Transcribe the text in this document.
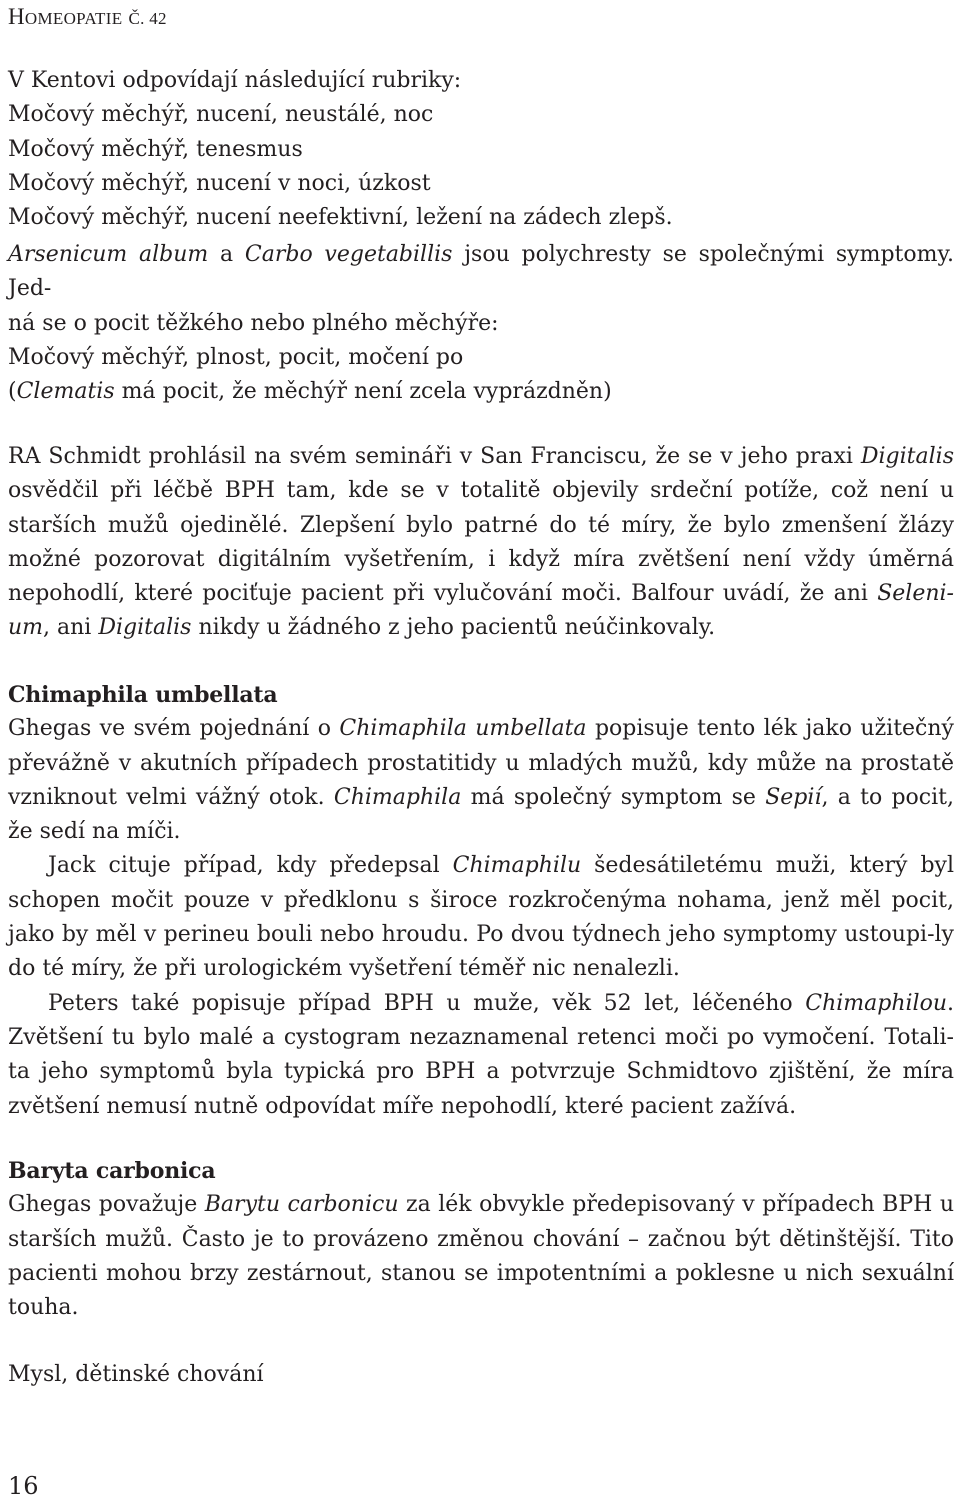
HOMEOPATIE Č. 42

V Kentovi odpovídají následující rubriky:

Močový měchýř, nucení, neustálé, noc

Močový měchýř, tenesmus

Močový měchýř, nucení v noci, úzkost

Močový měchýř, nucení neefektivní, ležení na zádech zlepš.

Arsenicum album a Carbo vegetabillis jsou polychresty se společnými symptomy. Jed-

ná se o pocit těžkého nebo plného měchýře:

Močový měchýř, plnost, pocit, močení po

(Clematis má pocit, že měchýř není zcela vyprázdněn)

RA Schmidt prohlásil na svém semináři v San Franciscu, že se v jeho praxi Digitalis osvědčil při léčbě BPH tam, kde se v totalitě objevily srdeční potíže, což není u starších mužů ojedinělé. Zlepšení bylo patrné do té míry, že bylo zmenšení žlázy možné pozorovat digitálním vyšetřením, i když míra zvětšení není vždy úměrná nepohodlí, které pociťuje pacient při vylučování moči. Balfour uvádí, že ani Seleni-um, ani Digitalis nikdy u žádného z jeho pacientů neúčinkovaly.

Chimaphila umbellata

Ghegas ve svém pojednání o Chimaphila umbellata popisuje tento lék jako užitečný převážně v akutních případech prostatitidy u mladých mužů, kdy může na prostatě vzniknout velmi vážný otok. Chimaphila má společný symptom se Sepií, a to pocit, že sedí na míči.

Jack cituje případ, kdy předepsal Chimaphilu šedesátiletému muži, který byl schopen močit pouze v předklonu s široce rozkročenýma nohama, jenž měl pocit, jako by měl v perineu bouli nebo hroudu. Po dvou týdnech jeho symptomy ustoupi-ly do té míry, že při urologickém vyšetření téměř nic nenalezli.

Peters také popisuje případ BPH u muže, věk 52 let, léčeného Chimaphilou. Zvětšení tu bylo malé a cystogram nezaznamenal retenci moči po vymočení. Totali-ta jeho symptomů byla typická pro BPH a potvrzuje Schmidtovo zjištění, že míra zvětšení nemusí nutně odpovídat míře nepohodlí, které pacient zažívá.

Baryta carbonica

Ghegas považuje Barytu carbonicu za lék obvykle předepisovaný v případech BPH u starších mužů. Často je to provázeno změnou chování – začnou být dětinštější. Tito pacienti mohou brzy zestárnout, stanou se impotentními a poklesne u nich sexuální touha.

Mysl, dětinské chování

16
